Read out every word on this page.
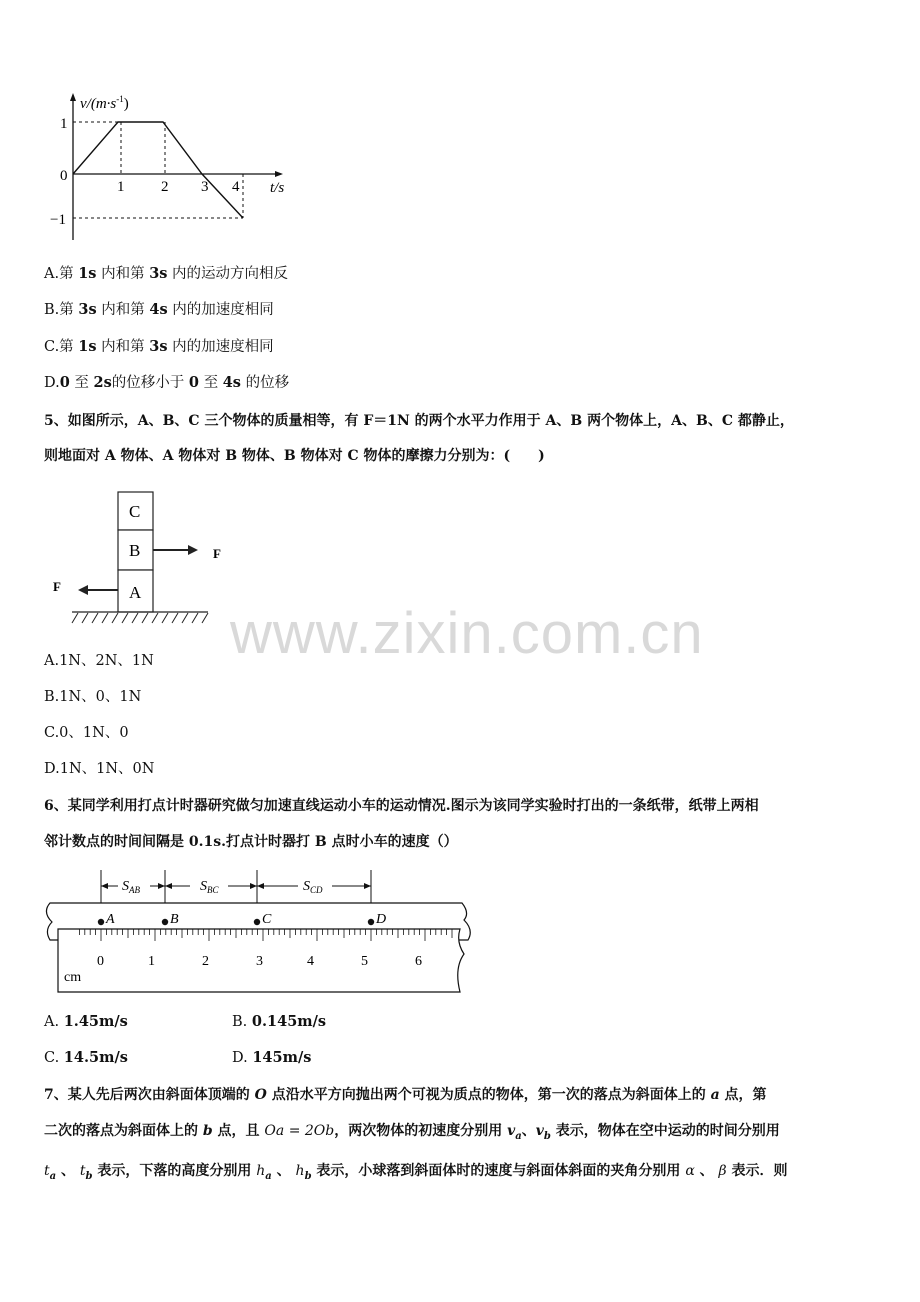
$v/(m\cdot s^{-1})$
1
0
−1
1 2 3 4 t/s
A.第 1s 内和第 3s 内的运动方向相反
B.第 3s 内和第 4s 内的加速度相同
C.第 1s 内和第 3s 内的加速度相同
D.0 至 2s的位移小于 0 至 4s 的位移
5、如图所示，A、B、C 三个物体的质量相等，有 F＝1N 的两个水平力作用于 A、B 两个物体上，A、B、C 都静止，
则地面对 A 物体、A 物体对 B 物体、B 物体对 C 物体的摩擦力分别为：(　　)
C
B
A
F
F
www.zixin.com.cn
A.1N、2N、1N
B.1N、0、1N
C.0、1N、0
D.1N、1N、0N
6、某同学利用打点计时器研究做匀加速直线运动小车的运动情况.图示为该同学实验时打出的一条纸带，纸带上两相
邻计数点的时间间隔是 0.1s.打点计时器打 B 点时小车的速度（）
$S_{AB}$	$S_{BC}$	$S_{CD}$
A	B	C	D
0	1	2	3	4	5	6
cm
A. 1.45m/s	B. 0.145m/s
C. 14.5m/s	D. 145m/s
7、某人先后两次由斜面体顶端的 O 点沿水平方向抛出两个可视为质点的物体，第一次的落点为斜面体上的 a 点，第
二次的落点为斜面体上的 b 点，且 Oa = 2Ob，两次物体的初速度分别用 $v_a$、$v_b$ 表示，物体在空中运动的时间分别用
$t_a$ 、 $t_b$ 表示，下落的高度分别用 $h_a$ 、 $h_b$ 表示，小球落到斜面体时的速度与斜面体斜面的夹角分别用 α 、 β 表示．则
